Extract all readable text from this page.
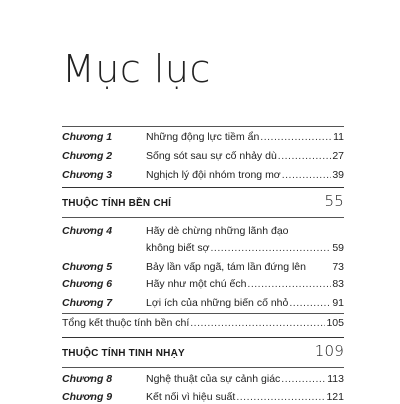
Mục lục
Chương 1	Những động lực tiềm ẩn .....	11
Chương 2	Sống sót sau sự cố nhảy dù .....	27
Chương 3	Nghịch lý đội nhóm trong mơ .....	39
THUỘC TÍNH BỀN CHÍ	55
Chương 4	Hãy dè chừng những lãnh đạo
không biết sợ .....	59
Chương 5	Bảy lần vấp ngã, tám lần đứng lên	73
Chương 6	Hãy như một chú ếch .....	83
Chương 7	Lợi ích của những biến cố nhỏ .....	91
Tổng kết thuộc tính bền chí .....	105
THUỘC TÍNH TINH NHẠY	109
Chương 8	Nghệ thuật của sự cảnh giác .....	113
Chương 9	Kết nối vì hiệu suất .....	121
